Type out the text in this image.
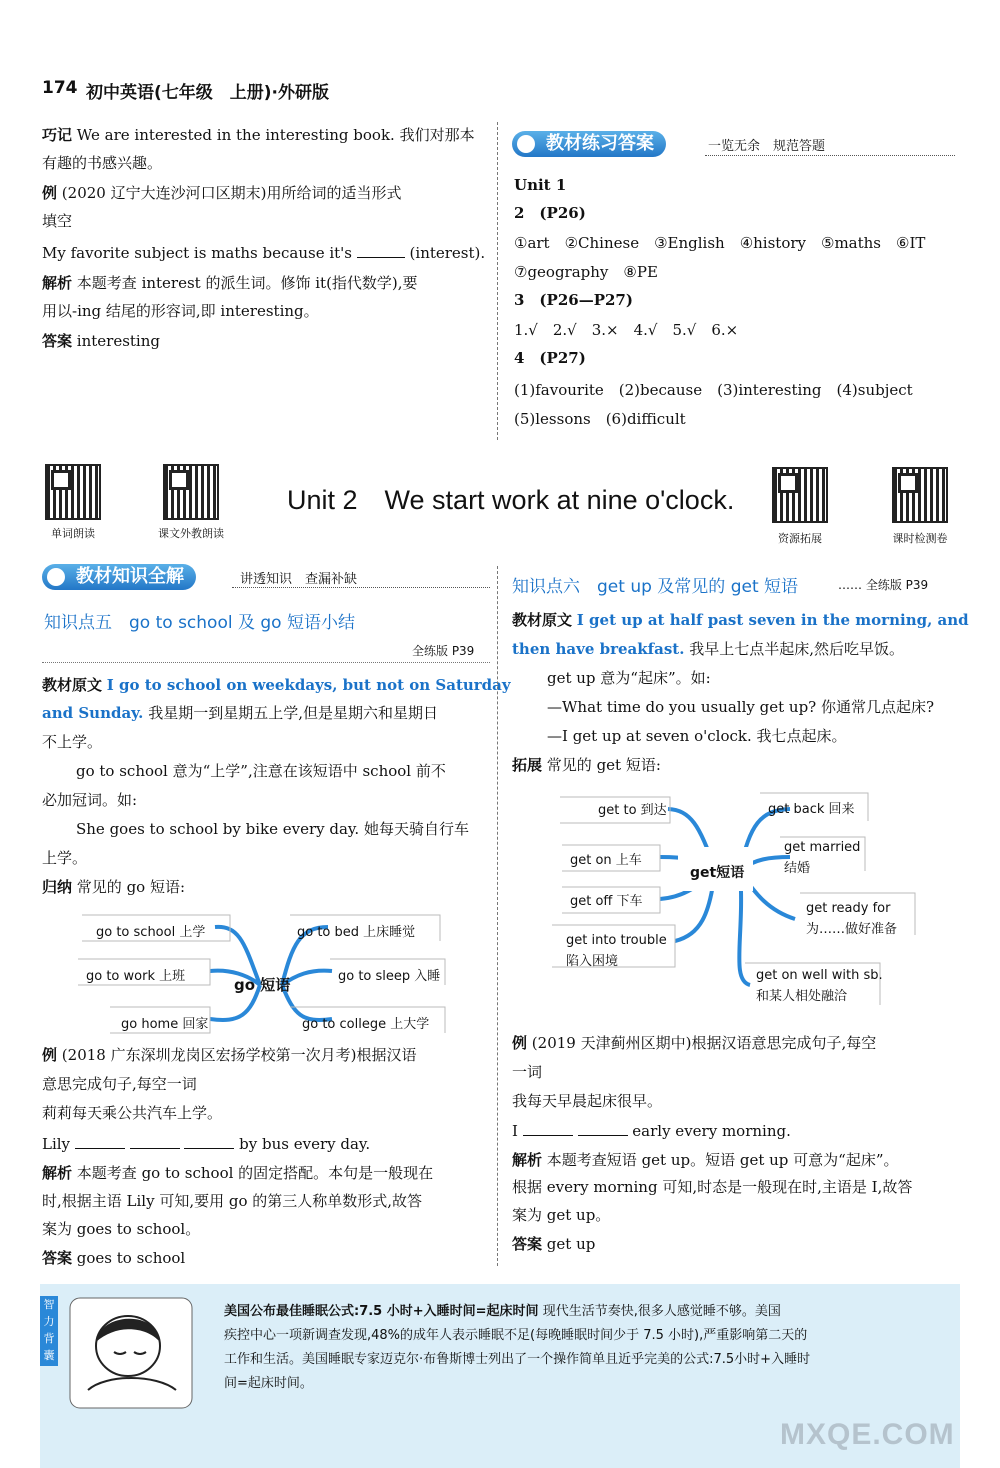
174 初中英语(七年级　上册)·外研版
巧记 We are interested in the interesting book. 我们对那本
有趣的书感兴趣。
例 (2020 辽宁大连沙河口区期末)用所给词的适当形式
填空
My favorite subject is maths because it's	(interest).
解析 本题考查 interest 的派生词。修饰 it(指代数学),要
用以-ing 结尾的形容词,即 interesting。
答案 interesting
教材练习答案	一览无余　规范答题
Unit 1
2　(P26)
①art　②Chinese　③English　④history　⑤maths　⑥IT
⑦geography　⑧PE
3　(P26—P27)
1.√　2.√　3.×　4.√　5.√　6.×
4　(P27)
(1)favourite　(2)because　(3)interesting　(4)subject
(5)lessons　(6)difficult
单词朗读	课文外教朗读
Unit 2　We start work at nine o'clock.
资源拓展	课时检测卷
教材知识全解	讲透知识　查漏补缺
知识点五　go to school 及 go 短语小结
全练版 P39
教材原文 I go to school on weekdays, but not on Saturday
and Sunday. 我星期一到星期五上学,但是星期六和星期日
不上学。
go to school 意为“上学”,注意在该短语中 school 前不
必加冠词。如:
She goes to school by bike every day. 她每天骑自行车
上学。
归纳 常见的 go 短语:
go to school 上学
go to work 上班
go home 回家
go to bed 上床睡觉
go to sleep 入睡
go to college 上大学
go 短语
例 (2018 广东深圳龙岗区宏扬学校第一次月考)根据汉语
意思完成句子,每空一词
莉莉每天乘公共汽车上学。
Lily	by bus every day.
解析 本题考查 go to school 的固定搭配。本句是一般现在
时,根据主语 Lily 可知,要用 go 的第三人称单数形式,故答
案为 goes to school。
答案 goes to school
知识点六　get up 及常见的 get 短语	…… 全练版 P39
教材原文 I get up at half past seven in the morning, and
then have breakfast. 我早上七点半起床,然后吃早饭。
get up 意为“起床”。如:
—What time do you usually get up? 你通常几点起床?
—I get up at seven o'clock. 我七点起床。
拓展 常见的 get 短语:
get to 到达
get on 上车
get off 下车
get into trouble
陷入困境
get短语
get back 回来
get married
结婚
get ready for
为……做好准备
get on well with sb.
和某人相处融洽
例 (2019 天津蓟州区期中)根据汉语意思完成句子,每空
一词
我每天早晨起床很早。
I	early every morning.
解析 本题考查短语 get up。短语 get up 可意为“起床”。
根据 every morning 可知,时态是一般现在时,主语是 I,故答
案为 get up。
答案 get up
智力背囊
美国公布最佳睡眠公式:7.5 小时+入睡时间=起床时间 现代生活节奏快,很多人感觉睡不够。美国
疾控中心一项新调查发现,48%的成年人表示睡眠不足(每晚睡眠时间少于 7.5 小时),严重影响第二天的
工作和生活。美国睡眠专家迈克尔·布鲁斯博士列出了一个操作简单且近乎完美的公式:7.5小时+入睡时
间=起床时间。
MXQE.COM
